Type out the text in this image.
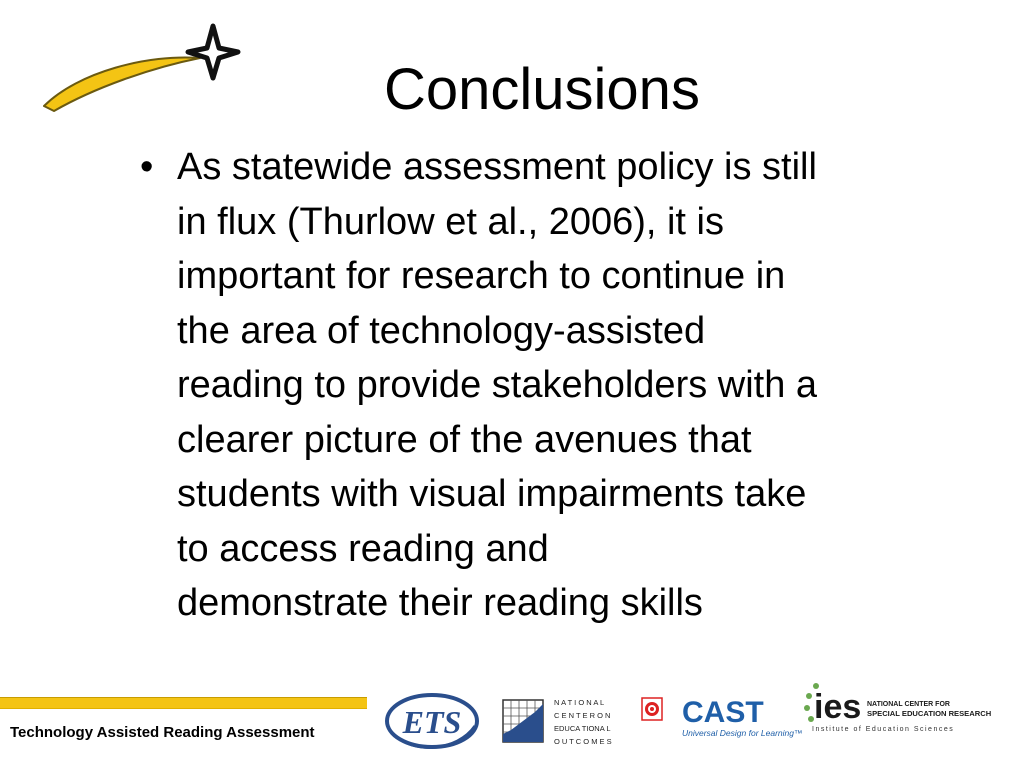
Conclusions
• As statewide assessment policy is still
in flux (Thurlow et al., 2006), it is
important for research to continue in
the area of technology-assisted
reading to provide stakeholders with a
clearer picture of the avenues that
students with visual impairments take
to access reading and
demonstrate their reading skills
Technology Assisted Reading Assessment	ETS
N A T I O N A L
C E N T E R O N
EDUCA TIONA L
O U T C O M E S
CAST
Universal Design for Learning™
ies NATIONAL CENTER FOR
SPECIAL EDUCATION RESEARCH
Institute of Education Sciences
